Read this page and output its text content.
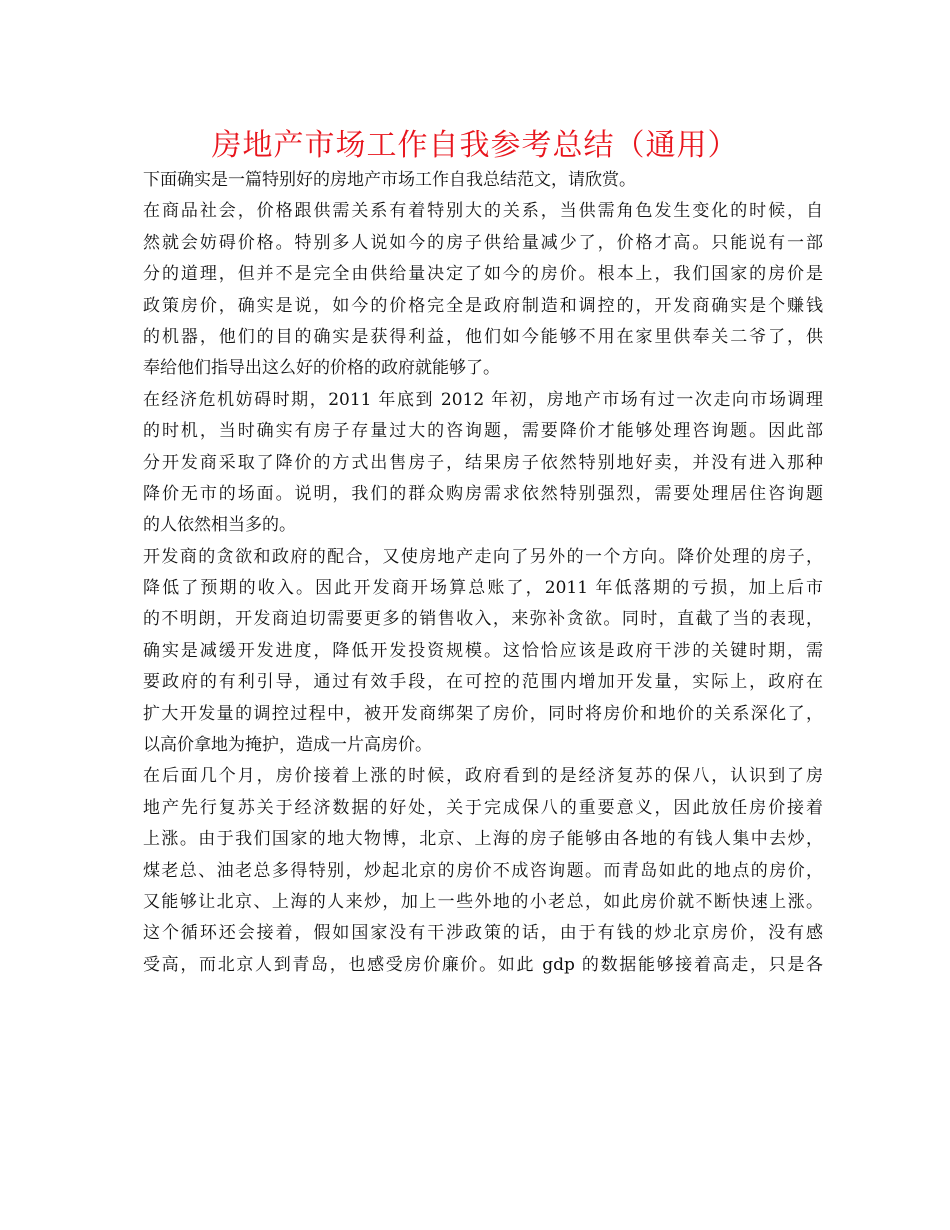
房地产市场工作自我参考总结（通用）
下面确实是一篇特别好的房地产市场工作自我总结范文，请欣赏。
在商品社会，价格跟供需关系有着特别大的关系，当供需角色发生变化的时候，自
然就会妨碍价格。特别多人说如今的房子供给量减少了，价格才高。只能说有一部
分的道理，但并不是完全由供给量决定了如今的房价。根本上，我们国家的房价是
政策房价，确实是说，如今的价格完全是政府制造和调控的，开发商确实是个赚钱
的机器，他们的目的确实是获得利益，他们如今能够不用在家里供奉关二爷了，供
奉给他们指导出这么好的价格的政府就能够了。
在经济危机妨碍时期，2011 年底到 2012 年初，房地产市场有过一次走向市场调理
的时机，当时确实有房子存量过大的咨询题，需要降价才能够处理咨询题。因此部
分开发商采取了降价的方式出售房子，结果房子依然特别地好卖，并没有进入那种
降价无市的场面。说明，我们的群众购房需求依然特别强烈，需要处理居住咨询题
的人依然相当多的。
开发商的贪欲和政府的配合，又使房地产走向了另外的一个方向。降价处理的房子，
降低了预期的收入。因此开发商开场算总账了，2011 年低落期的亏损，加上后市
的不明朗，开发商迫切需要更多的销售收入，来弥补贪欲。同时，直截了当的表现，
确实是减缓开发进度，降低开发投资规模。这恰恰应该是政府干涉的关键时期，需
要政府的有利引导，通过有效手段，在可控的范围内增加开发量，实际上，政府在
扩大开发量的调控过程中，被开发商绑架了房价，同时将房价和地价的关系深化了，
以高价拿地为掩护，造成一片高房价。
在后面几个月，房价接着上涨的时候，政府看到的是经济复苏的保八，认识到了房
地产先行复苏关于经济数据的好处，关于完成保八的重要意义，因此放任房价接着
上涨。由于我们国家的地大物博，北京、上海的房子能够由各地的有钱人集中去炒，
煤老总、油老总多得特别，炒起北京的房价不成咨询题。而青岛如此的地点的房价，
又能够让北京、上海的人来炒，加上一些外地的小老总，如此房价就不断快速上涨。
这个循环还会接着，假如国家没有干涉政策的话，由于有钱的炒北京房价，没有感
受高，而北京人到青岛，也感受房价廉价。如此 gdp 的数据能够接着高走，只是各
